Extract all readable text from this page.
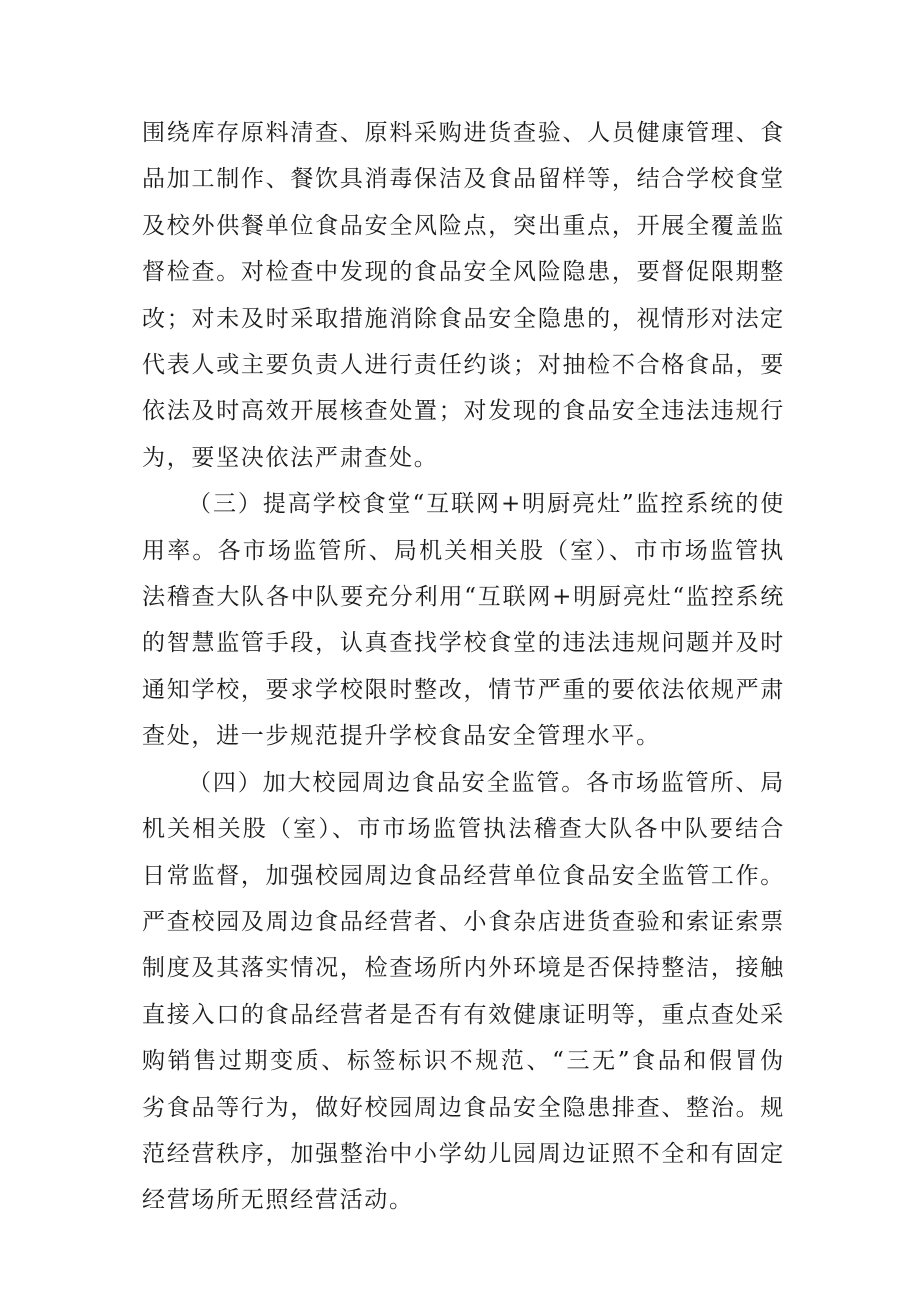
围绕库存原料清查、原料采购进货查验、人员健康管理、食品加工制作、餐饮具消毒保洁及食品留样等，结合学校食堂及校外供餐单位食品安全风险点，突出重点，开展全覆盖监督检查。对检查中发现的食品安全风险隐患，要督促限期整改；对未及时采取措施消除食品安全隐患的，视情形对法定代表人或主要负责人进行责任约谈；对抽检不合格食品，要依法及时高效开展核查处置；对发现的食品安全违法违规行为，要坚决依法严肃查处。

（三）提高学校食堂“互联网+明厨亮灶”监控系统的使用率。各市场监管所、局机关相关股（室）、市市场监管执法稽查大队各中队要充分利用“互联网+明厨亮灶“监控系统的智慧监管手段，认真查找学校食堂的违法违规问题并及时通知学校，要求学校限时整改，情节严重的要依法依规严肃查处，进一步规范提升学校食品安全管理水平。

（四）加大校园周边食品安全监管。各市场监管所、局机关相关股（室）、市市场监管执法稽查大队各中队要结合日常监督，加强校园周边食品经营单位食品安全监管工作。严查校园及周边食品经营者、小食杂店进货查验和索证索票制度及其落实情况，检查场所内外环境是否保持整洁，接触直接入口的食品经营者是否有有效健康证明等，重点查处采购销售过期变质、标签标识不规范、“三无”食品和假冒伪劣食品等行为，做好校园周边食品安全隐患排查、整治。规范经营秩序，加强整治中小学幼儿园周边证照不全和有固定经营场所无照经营活动。
